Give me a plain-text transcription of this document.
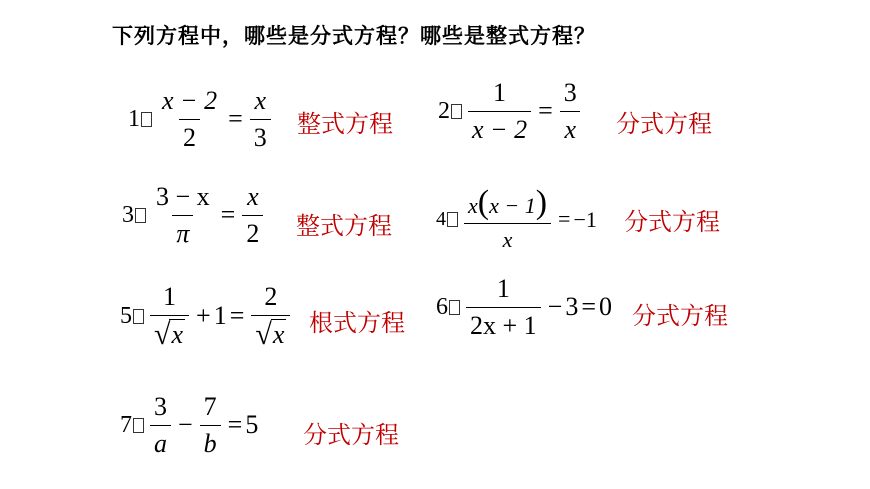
下列方程中，哪些是分式方程？哪些是整式方程？
$1 \frac{x - 2}{2} = \frac{x}{3}$ 整式方程 $2 \frac{1}{x - 2} = \frac{3}{x}$ 分式方程
$3 \frac{3 - x}{\pi} = \frac{x}{2}$ 整式方程 $4 \frac{x(x - 1)}{x} = -1$ 分式方程
$5 \frac{1}{√ x} + 1 = \frac{2}{√ x}$ 根式方程
$6 \frac{1}{2x + 1} - 3 = 0$ 分式方程
$7 \frac{3}{a} - \frac{7}{b} = 5$ 分式方程
